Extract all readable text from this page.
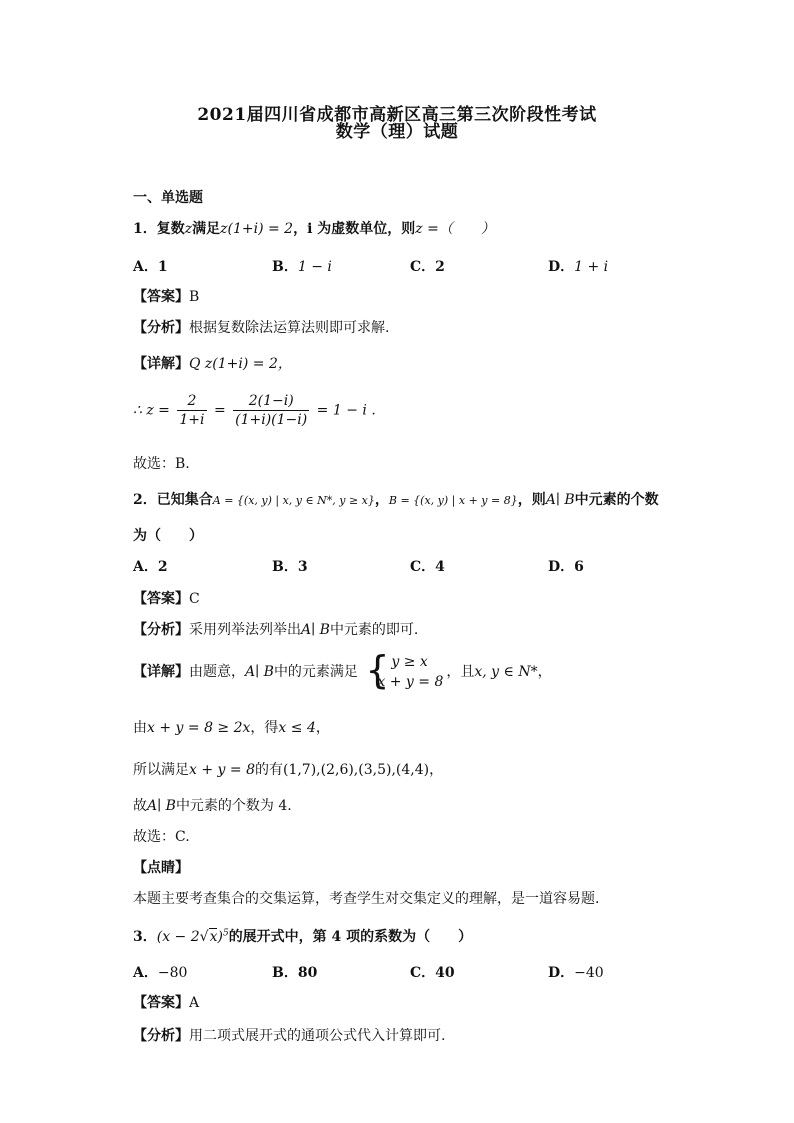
2021届四川省成都市高新区高三第三次阶段性考试
数学（理）试题
一、单选题
1．复数z满足z(1+i) = 2，i 为虚数单位，则z =（　　）
A．1	B．1 − i	C．2	D．1 + i
【答案】B
【分析】根据复数除法运算法则即可求解.
【详解】Q z(1+i) = 2，
∴ $z = \frac{2}{1+i} = \frac{2(1-i)}{(1+i)(1-i)} = 1 - i$ .
故选：B.
2．已知集合A = {(x, y) | x, y ∈ N*, y ≥ x}，B = {(x, y) | x + y = 8}，则A∣ B中元素的个数
为（　　）
A．2	B．3	C．4	D．6
【答案】C
【分析】采用列举法列举出A∣ B中元素的即可.
【详解】由题意，A∣ B中的元素满足 { y ≥ x
x + y = 8
，且x, y ∈ N*，
由x + y = 8 ≥ 2x，得x ≤ 4，
所以满足x + y = 8的有(1,7),(2,6),(3,5),(4,4)，
故A∣ B中元素的个数为 4.
故选：C.
【点睛】
本题主要考查集合的交集运算，考查学生对交集定义的理解，是一道容易题.
3．$(x - 2√x)^5$的展开式中，第 4 项的系数为（　　）
A．−80	B．80	C．40	D．−40
【答案】A
【分析】用二项式展开式的通项公式代入计算即可.
